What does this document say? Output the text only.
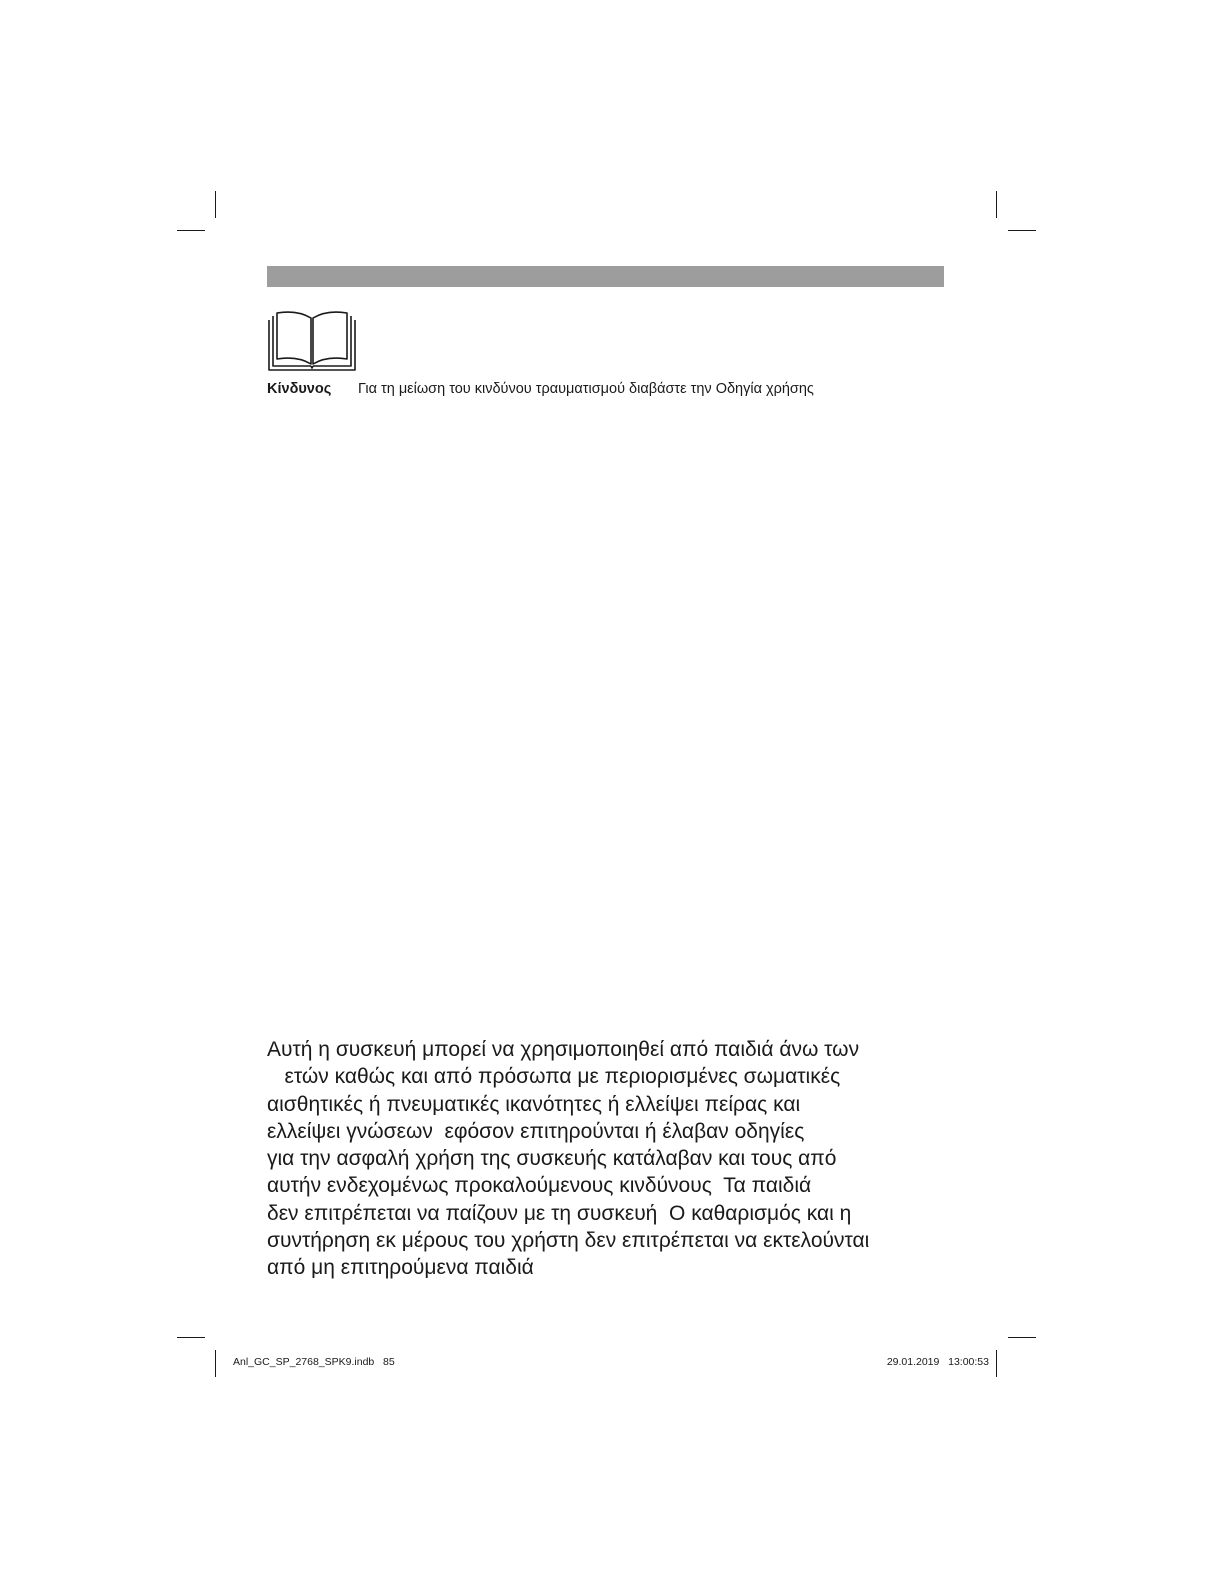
Κίνδυνος Για τη μείωση του κινδύνου τραυματισμού διαβάστε την Οδηγία χρήσης

Αυτή η συσκευή μπορεί να χρησιμοποιηθεί από παιδιά άνω των
ετών καθώς και από πρόσωπα με περιορισμένες σωματικές
αισθητικές ή πνευματικές ικανότητες ή ελλείψει πείρας και
ελλείψει γνώσεων  εφόσον επιτηρούνται ή έλαβαν οδηγίες
για την ασφαλή χρήση της συσκευής κατάλαβαν και τους από
αυτήν ενδεχομένως προκαλούμενους κινδύνους  Τα παιδιά
δεν επιτρέπεται να παίζουν με τη συσκευή  Ο καθαρισμός και η
συντήρηση εκ μέρους του χρήστη δεν επιτρέπεται να εκτελούνται
από μη επιτηρούμενα παιδιά

Anl_GC_SP_2768_SPK9.indb   85	29.01.2019   13:00:53
